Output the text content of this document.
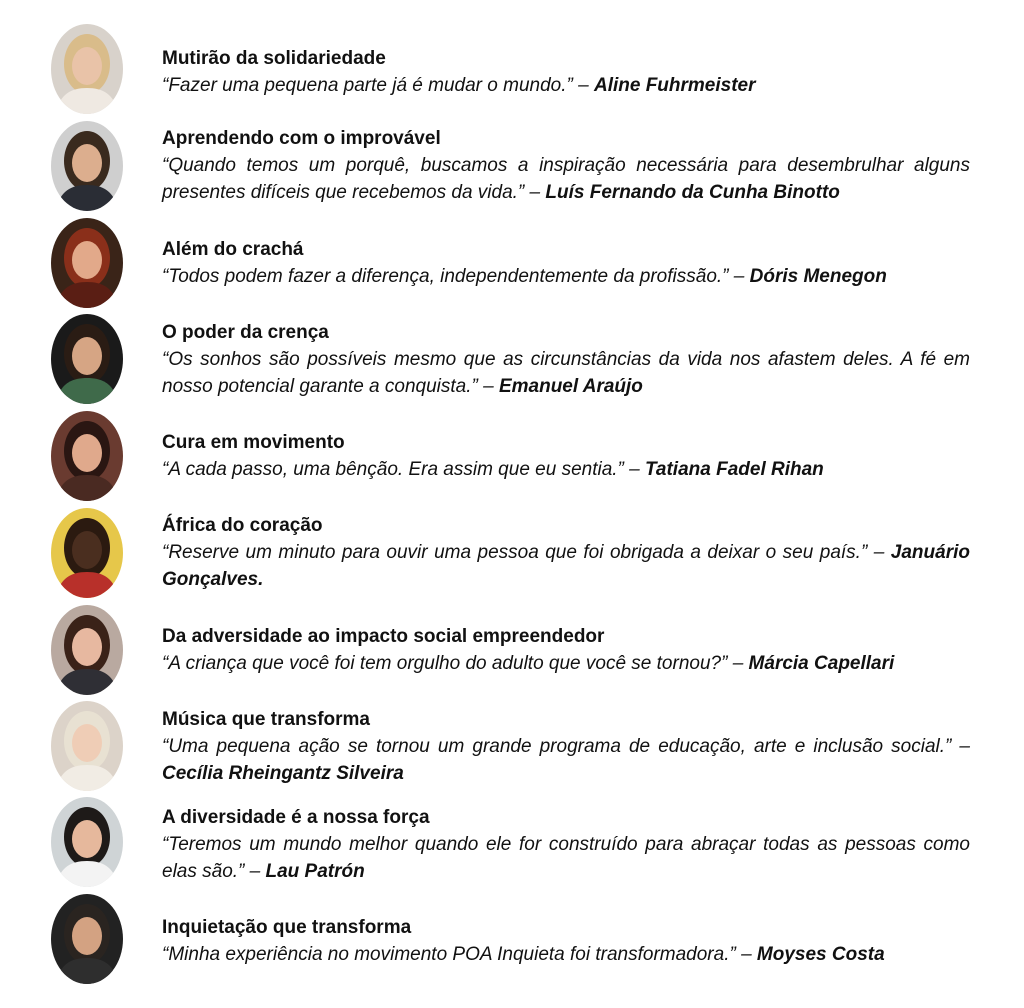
Mutirão da solidariedade
“Fazer uma pequena parte já é mudar o mundo.” – Aline Fuhrmeister
Aprendendo com o improvável
“Quando temos um porquê, buscamos a inspiração necessária para desembrulhar alguns presentes difíceis que recebemos da vida.” – Luís Fernando da Cunha Binotto
Além do crachá
“Todos podem fazer a diferença, independentemente da profissão.” – Dóris Menegon
O poder da crença
“Os sonhos são possíveis mesmo que as circunstâncias da vida nos afastem deles. A fé em nosso potencial garante a conquista.” – Emanuel Araújo
Cura em movimento
“A cada passo, uma bênção. Era assim que eu sentia.” – Tatiana Fadel Rihan
África do coração
“Reserve um minuto para ouvir uma pessoa que foi obrigada a deixar o seu país.” – Januário Gonçalves.
Da adversidade ao impacto social empreendedor
“A criança que você foi tem orgulho do adulto que você se tornou?” – Márcia Capellari
Música que transforma
“Uma pequena ação se tornou um grande programa de educação, arte e inclusão social.” – Cecília Rheingantz Silveira
A diversidade é a nossa força
“Teremos um mundo melhor quando ele for construído para abraçar todas as pessoas como elas são.” – Lau Patrón
Inquietação que transforma
“Minha experiência no movimento POA Inquieta foi transformadora.” – Moyses Costa
